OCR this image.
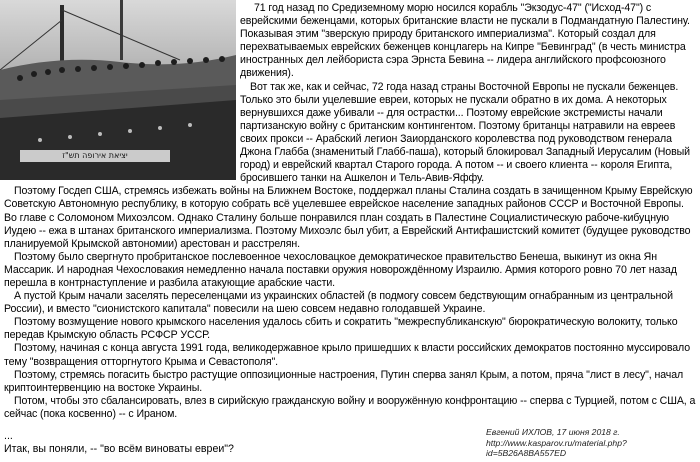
יציאת אירופה תש"ז

71 год назад по Средиземному морю носился корабль "Экзодус-47" ("Исход-47") с еврейскими беженцами, которых британские власти не пускали в Подмандатную Палестину. Показывая этим "зверскую природу британского империализма". Который создал для перехватываемых еврейских беженцев концлагерь на Кипре "Бевинград" (в честь министра иностранных дел лейбориста сэра Эрнста Бевина -- лидера английского профсоюзного движения).

Вот так же, как и сейчас, 72 года назад страны Восточной Европы не пускали беженцев. Только это были уцелевшие евреи, которых не пускали обратно в их дома. А некоторых вернувшихся даже убивали -- для острастки... Поэтому еврейские экстремисты начали партизанскую войну с британским контингентом. Поэтому британцы натравили на евреев своих прокси -- Арабский легион Заиорданского королевства под руководством генерала Джона Глабба (знаменитый Глабб-паша), который блокировал Западный Иерусалим (Новый город) и еврейский квартал Старого города. А потом -- и своего клиента -- короля Египта, бросившего танки на Ашкелон и Тель-Авив-Яффу.

Поэтому Госдеп США, стремясь избежать войны на Ближнем Востоке, поддержал планы Сталина создать в зачищенном Крыму Еврейскую Советскую Автономную республику, в которую собрать всё уцелевшее еврейское население западных районов СССР и Восточной Европы. Во главе с Соломоном Михоэлсом. Однако Сталину больше понравился план создать в Палестине Социалистическую рабоче-кибуцную Иудею -- ежа в штанах британского империализма. Поэтому Михоэлс был убит, а Еврейский Антифашистский комитет (будущее руководство планируемой Крымской автономии) арестован и расстрелян.

Поэтому было свергнуто пробританское послевоенное чехословацкое демократическое правительство Бенеша, выкинут из окна Ян Массарик. И народная Чехословакия немедленно начала поставки оружия новорождённому Израилю. Армия которого ровно 70 лет назад перешла в контрнаступление и разбила атакующие арабские части.

А пустой Крым начали заселять переселенцами из украинских областей (в подмогу совсем бедствующим огнабранным из центральной России), и вместо "сионистского капитала" повесили на шею совсем недавно голодавшей Украине.

Поэтому возмущение нового крымского населения удалось сбить и сократить "межреспубликанскую" бюрократическую волокиту, только передав Крымскую область РСФСР УССР.

Поэтому, начиная с конца августа 1991 года, великодержавное крыло пришедших к власти российских демократов постоянно муссировало тему "возвращения отторгнутого Крыма и Севастополя".

Поэтому, стремясь погасить быстро растущие оппозиционные настроения, Путин сперва занял Крым, а потом, пряча "лист в лесу", начал криптоинтервенцию на востоке Украины.

Потом, чтобы это сбалансировать, влез в сирийскую гражданскую войну и вооружённую конфронтацию -- сперва с Турцией, потом с США, а сейчас (пока косвенно) -- с Ираном.

...
Итак, вы поняли, -- "во всём виноваты евреи"?
Евгений ИХЛОВ, 17 июня 2018 г.
http://www.kasparov.ru/material.php?id=5B26A8BA557ED
